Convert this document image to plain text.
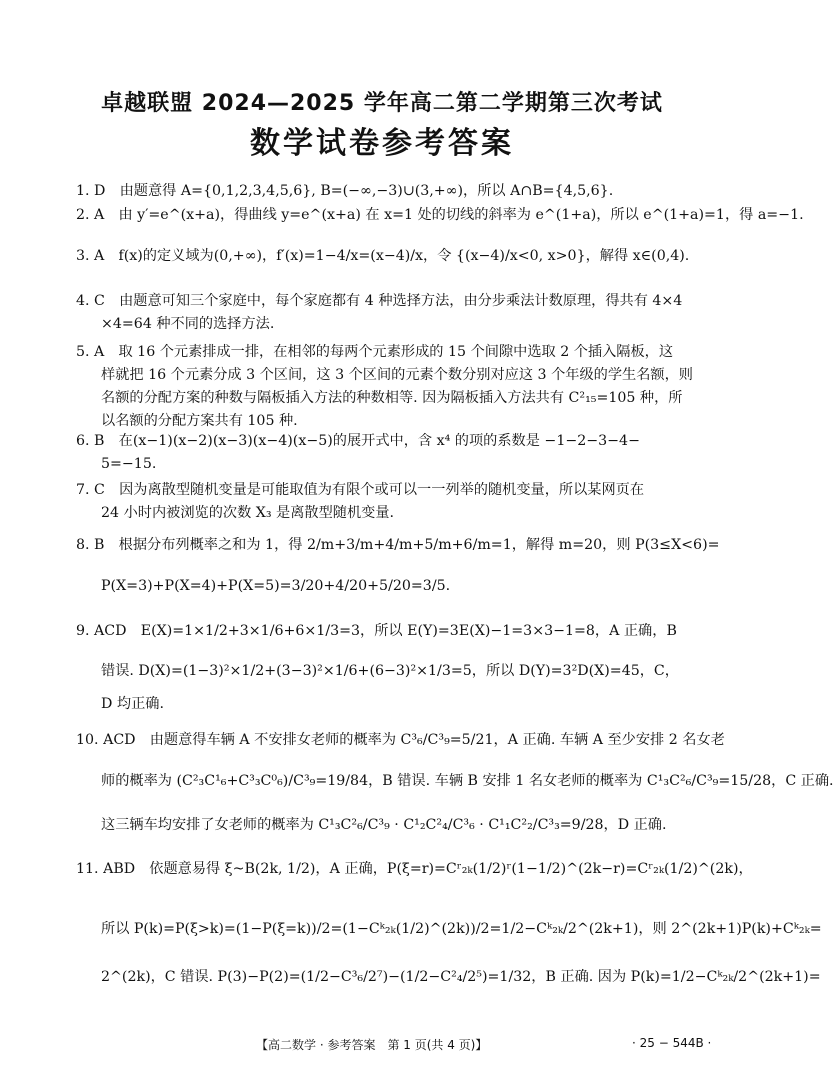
卓越联盟 2024—2025 学年高二第二学期第三次考试
数学试卷参考答案
1. D　由题意得 A={0,1,2,3,4,5,6}, B=(−∞,−3)∪(3,+∞)，所以 A∩B={4,5,6}.
2. A　由 y′=e^(x+a)，得曲线 y=e^(x+a) 在 x=1 处的切线的斜率为 e^(1+a)，所以 e^(1+a)=1，得 a=−1.
3. A　f(x)的定义域为(0,+∞)，f′(x)=1−4/x=(x−4)/x，令 {(x−4)/x<0, x>0}，解得 x∈(0,4).
4. C　由题意可知三个家庭中，每个家庭都有 4 种选择方法，由分步乘法计数原理，得共有 4×4
×4=64 种不同的选择方法.
5. A　取 16 个元素排成一排，在相邻的每两个元素形成的 15 个间隙中选取 2 个插入隔板，这
样就把 16 个元素分成 3 个区间，这 3 个区间的元素个数分别对应这 3 个年级的学生名额，则
名额的分配方案的种数与隔板插入方法的种数相等. 因为隔板插入方法共有 C²₁₅=105 种，所
以名额的分配方案共有 105 种.
6. B　在(x−1)(x−2)(x−3)(x−4)(x−5)的展开式中，含 x⁴ 的项的系数是 −1−2−3−4−
5=−15.
7. C　因为离散型随机变量是可能取值为有限个或可以一一列举的随机变量，所以某网页在
24 小时内被浏览的次数 X₃ 是离散型随机变量.
8. B　根据分布列概率之和为 1，得 2/m+3/m+4/m+5/m+6/m=1，解得 m=20，则 P(3≤X<6)=
P(X=3)+P(X=4)+P(X=5)=3/20+4/20+5/20=3/5.
9. ACD　E(X)=1×1/2+3×1/6+6×1/3=3，所以 E(Y)=3E(X)−1=3×3−1=8，A 正确，B
错误. D(X)=(1−3)²×1/2+(3−3)²×1/6+(6−3)²×1/3=5，所以 D(Y)=3²D(X)=45，C，
D 均正确.
10. ACD　由题意得车辆 A 不安排女老师的概率为 C³₆/C³₉=5/21，A 正确. 车辆 A 至少安排 2 名女老
师的概率为 (C²₃C¹₆+C³₃C⁰₆)/C³₉=19/84，B 错误. 车辆 B 安排 1 名女老师的概率为 C¹₃C²₆/C³₉=15/28，C 正确.
这三辆车均安排了女老师的概率为 C¹₃C²₆/C³₉ · C¹₂C²₄/C³₆ · C¹₁C²₂/C³₃=9/28，D 正确.
11. ABD　依题意易得 ξ~B(2k, 1/2)，A 正确，P(ξ=r)=Cʳ₂ₖ(1/2)ʳ(1−1/2)^(2k−r)=Cʳ₂ₖ(1/2)^(2k)，
所以 P(k)=P(ξ>k)=(1−P(ξ=k))/2=(1−Cᵏ₂ₖ(1/2)^(2k))/2=1/2−Cᵏ₂ₖ/2^(2k+1)，则 2^(2k+1)P(k)+Cᵏ₂ₖ=
2^(2k)，C 错误. P(3)−P(2)=(1/2−C³₆/2⁷)−(1/2−C²₄/2⁵)=1/32，B 正确. 因为 P(k)=1/2−Cᵏ₂ₖ/2^(2k+1)=
【高二数学 · 参考答案　第 1 页(共 4 页)】	· 25 − 544B ·
